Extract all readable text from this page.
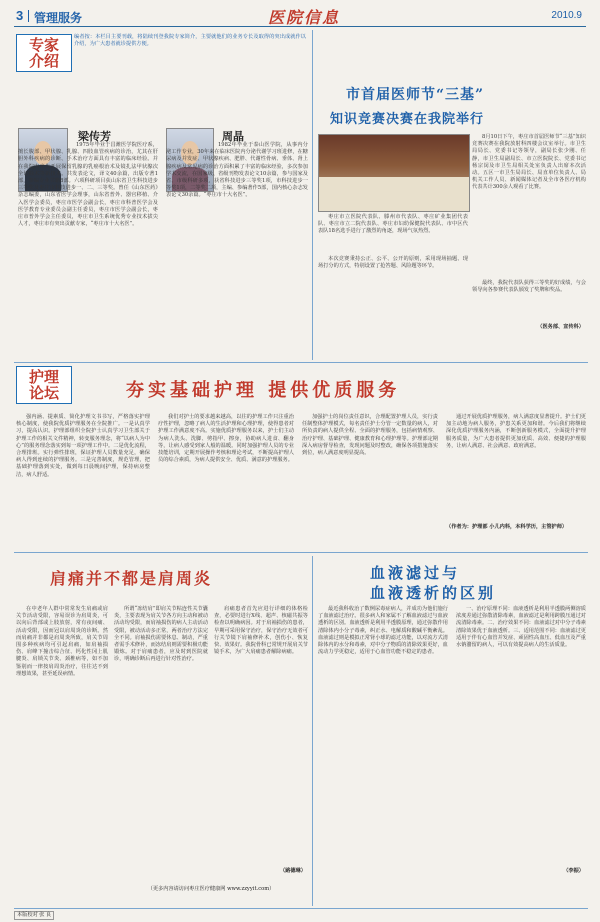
3 管理服务	医院信息	2010.9
专家
介绍

编者按：本栏目主要刊载，将陆续刊登我院专家简介，主要就他们的业务专长及取得的突出成就作以介绍，为广大患者就诊提供方便。

梁传芳

1975年毕业于昌潍医学院医疗系，擅长腹部、甲状腺、乳腺、四肢血管疾病的诊治，尤其在肝胆外科疾病的诊断、手术治疗方面具有丰富的临床经验。并在我院内率先开展保留乳腺的乳癌根治术及镜扎法甲状腺次全切除术等新技术。共发表论文，译文40余篇，出版专著1部，参编专业书籍8部。六项科研项目获山东省卫生科技进步三等奖及枣庄市科技进步一、二、三等奖。曾任《山东医药》杂志编委，山东省医学会理事，山东省普外、器官移植、介入医学会委员，枣庄市医学会副会长，枣庄市科普医学会及医学教育专业委员会副主任委员，枣庄市医学会副会长，枣庄市普外学会主任委员，枣庄市卫生系统优秀专业技术拔尖人才，枣庄市有突出贡献专家，“枣庄市十大名医”。

周晶

1982年毕业于泰山医学院，从事内分泌工作专业，30年来在临床医院内分泌代谢学习班进修，在糖尿病及并发症、甲状腺疾病、肥胖、代谢性骨病、垂体、肾上腺疾病及常见病的诊治方面积累了丰富的临床经验，多次参加学术交流，在国家级、省级刊物发表论文10余篇，参与国家及省、市级科研多项，获省科技进步三等奖1项，市科技进步一等奖1项，二等奖二项，主编、参编著作5部，国内核心杂志发表论文30余篇。“枣庄市十大名医”。

市首届医师节“三基”
知识竞赛决赛在我院举行

8月10日下午，枣庄市首届医师节“三基”知识竞赛决赛在我院放射科四楼会议室举行。市卫生局局长、党委书记等领导，副局长张少刚、任静，市卫生局副局长、市立医院院长、党委书记杨宗闵及市卫生局相关处室负责人出席本次活动。五区一市卫生局局长、局直单位负责人、局机关工作人员、新闻媒体记者及全市各医疗机构代表共计300余人观看了比赛。

枣庄市立医院代表队、滕州市代表队、枣庄矿业集团代表队、枣庄市立二院代表队、枣庄市妇幼保健院代表队、市中区代表队18名选手进行了激烈的角逐，现场气氛热烈。

本次竞赛秉持公正、公平、公开的原则，采用现场抽题、现场打分的方式，特别设置了抢答题、风险题等环节。

最终，我院代表队获得三等奖的好成绩，与会领导向各参赛代表队颁发了奖牌和奖品。

（医务部、宣传科）
护理
论坛	夯实基础护理 提供优质服务

强内涵、提素质、简化护理文书书写，严格落实护理核心制度，使我院优质护理服务在全院推广。一是认真学习，提高认识。护理部组织全院护士认真学习卫生部关于护理工作的相关文件精神，转变服务理念，将“以病人为中心”的服务理念落实到每一项护理工作中。二是优化流程，合理排班。实行弹性排班，保证护理人员数量充足，确保病人得到连续的护理服务。三是完善制度，规范管理，把基础护理落到实处，做到每日晨晚间护理，保持病房整洁，病人舒适。

我们对护士的要求越来越高，以往的护理工作只注重治疗性护理，忽略了病人的生活护理和心理护理，使得患者对护理工作满意度不高。实施优质护理服务以来，护士们主动为病人洗头、洗脚、剪指甲、擦身，协助病人进食、翻身等，让病人感受到家人般的温暖。同时加强护理人员的专业技能培训，定期开展操作考核和理论考试，不断提高护理人员的综合素质，为病人提供安全、优质、满意的护理服务。

加强护士的岗位责任意识，合理配置护理人员，实行责任制整体护理模式，每名责任护士分管一定数量的病人，对所负责的病人提供全程、全面的护理服务，包括病情观察、治疗护理、基础护理、健康教育和心理护理等。护理部定期深入病房督导检查，发现问题及时整改，确保各项措施落实到位，病人满意度明显提高。

通过开展优质护理服务，病人满意度显著提升。护士们更加主动地为病人服务，护患关系更加和谐。今后我们将继续深化优质护理服务内涵，不断创新服务模式，全面提升护理服务质量，为广大患者提供更加优质、高效、便捷的护理服务，让病人满意、社会满意、政府满意。

（作者为：护理部 小儿内科，本科学历，主管护师）
肩痛并不都是肩周炎

在中老年人群中常常发生肩痛或肩关节活动受限，容易误诊为肩周炎，可以向后背部或上肢放射，常有夜间痛、活动受限，因而冠以肩周炎的诊断。然而肩痛并非都是肩周炎所致，肩关节周围多种疾病均可引起肩痛，如肩袖损伤、肩峰下撞击综合征、钙化性冈上肌腱炎、肩锁关节炎、颈椎病等，如不加鉴别而一律按肩周炎治疗，往往达不到理想效果，甚至延误病情。

所谓“冻结肩”即肩关节粘连性关节囊炎，主要表现为肩关节各方向主动和被动活动均受限，而肩袖损伤的病人主动活动受限，被动活动多正常，两者治疗方法完全不同。肩袖损伤需要休息、制动，严重者需手术修补，而冻结肩则需要积极功能锻炼。对于肩痛患者，应及时到医院就诊，明确诊断后再进行针对性治疗。

肩痛患者首先应进行详细的体格检查，必要时进行X线、超声、核磁共振等检查以明确病因。对于肩袖损伤的患者，早期可采用保守治疗，保守治疗无效者可行关节镜下肩袖修补术，创伤小、恢复快、效果好。我院骨科已常规开展肩关节镜手术，为广大肩痛患者解除病痛。

（更多内容请访问枣庄医疗健康网 www.zzyyit.com）
（路德琳）
血液滤过与
血液透析的区别

最近我科收治了数例尿毒症病人，并成功为他们施行了血液滤过治疗。很多病人和家属不了解血液滤过与血液透析的区别。血液透析是利用半透膜原理，通过弥散作用清除体内小分子毒素，纠正水、电解质和酸碱平衡紊乱。血液滤过则是模拟正常肾小球的滤过功能，以对流方式清除体内的水分和毒素，对中分子物质的清除效果更好，血流动力学更稳定，适用于心血管功能不稳定的患者。

一、治疗原理不同：血液透析是利用半透膜两侧溶质浓度差通过弥散清除毒素，血液滤过是利用跨膜压通过对流清除毒素。二、治疗效果不同：血液滤过对中分子毒素清除效果优于血液透析。三、适用范围不同：血液滤过更适用于伴有心血管并发症、顽固性高血压、低血压及严重水钠潴留的病人，可以有效提高病人的生活质量。

（李振）
本版校对 张 良
